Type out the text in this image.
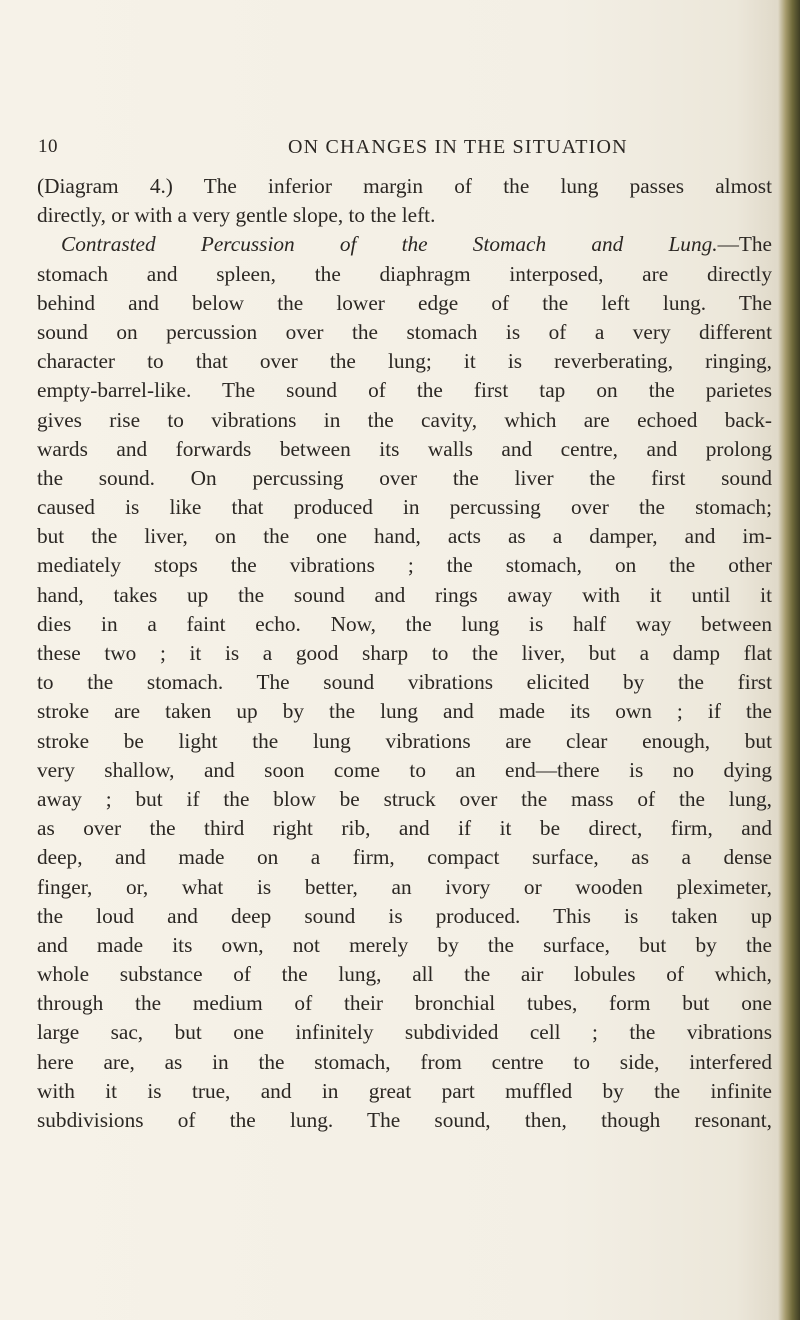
10	ON CHANGES IN THE SITUATION
(Diagram 4.) The inferior margin of the lung passes almost
directly, or with a very gentle slope, to the left.
Contrasted Percussion of the Stomach and Lung.—The
stomach and spleen, the diaphragm interposed, are directly
behind and below the lower edge of the left lung. The
sound on percussion over the stomach is of a very different
character to that over the lung; it is reverberating, ringing,
empty-barrel-like. The sound of the first tap on the parietes
gives rise to vibrations in the cavity, which are echoed back-
wards and forwards between its walls and centre, and prolong
the sound. On percussing over the liver the first sound
caused is like that produced in percussing over the stomach;
but the liver, on the one hand, acts as a damper, and im-
mediately stops the vibrations ; the stomach, on the other
hand, takes up the sound and rings away with it until it
dies in a faint echo. Now, the lung is half way between
these two ; it is a good sharp to the liver, but a damp flat
to the stomach. The sound vibrations elicited by the first
stroke are taken up by the lung and made its own ; if the
stroke be light the lung vibrations are clear enough, but
very shallow, and soon come to an end—there is no dying
away ; but if the blow be struck over the mass of the lung,
as over the third right rib, and if it be direct, firm, and
deep, and made on a firm, compact surface, as a dense
finger, or, what is better, an ivory or wooden pleximeter,
the loud and deep sound is produced. This is taken up
and made its own, not merely by the surface, but by the
whole substance of the lung, all the air lobules of which,
through the medium of their bronchial tubes, form but one
large sac, but one infinitely subdivided cell ; the vibrations
here are, as in the stomach, from centre to side, interfered
with it is true, and in great part muffled by the infinite
subdivisions of the lung. The sound, then, though resonant,
